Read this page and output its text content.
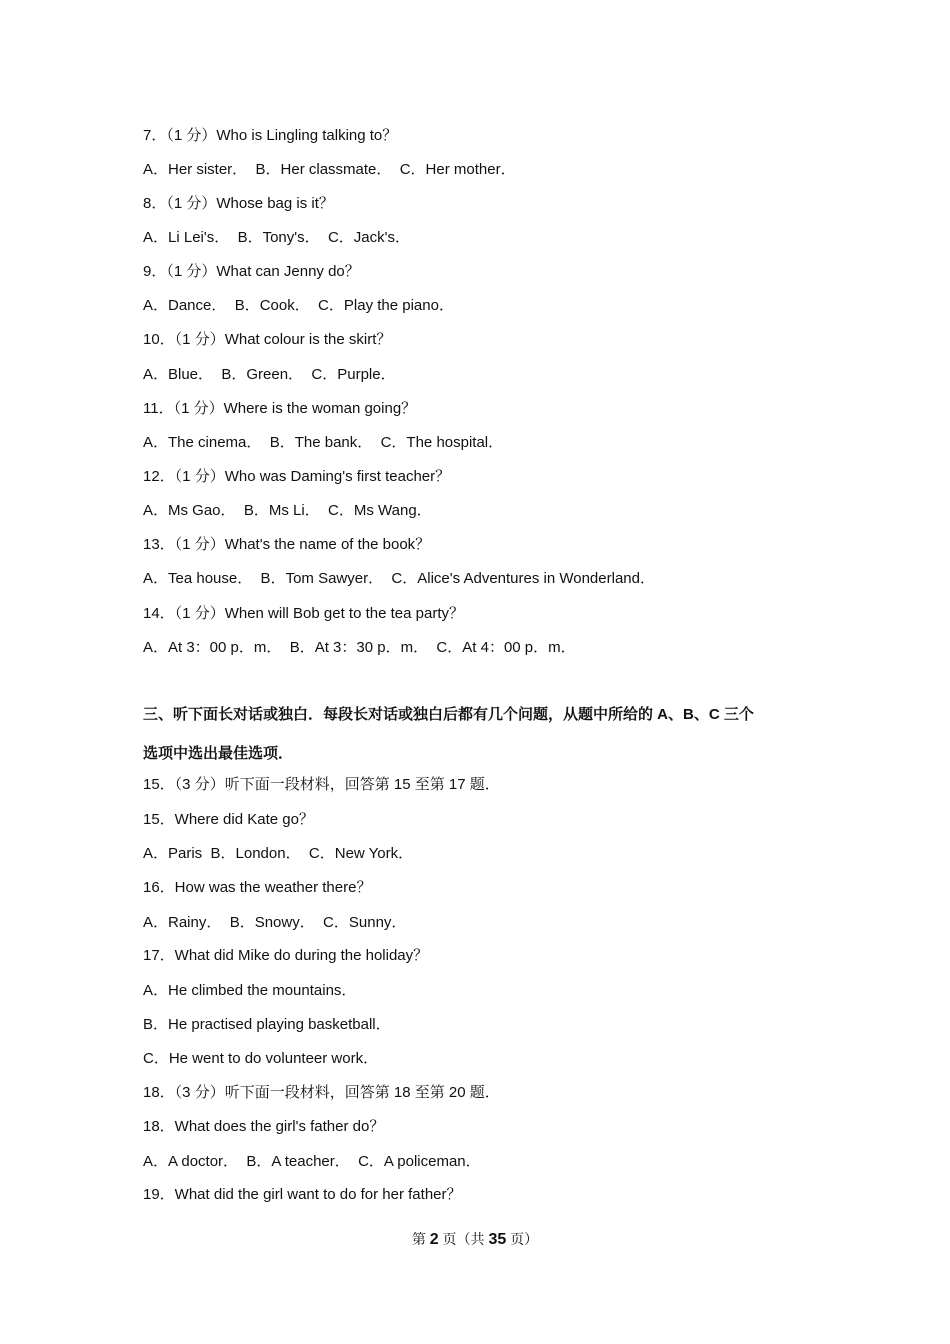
7．（1 分）Who is Lingling talking to？
A．Her sister．  B．Her classmate．  C．Her mother．
8．（1 分）Whose bag is it？
A．Li Lei's．  B．Tony's．  C．Jack's．
9．（1 分）What can Jenny do？
A．Dance．  B．Cook．  C．Play the piano．
10．（1 分）What colour is the skirt？
A．Blue．  B．Green．  C．Purple．
11．（1 分）Where is the woman going？
A．The cinema．  B．The bank．  C．The hospital．
12．（1 分）Who was Daming's first teacher？
A．Ms Gao．  B．Ms Li．  C．Ms Wang．
13．（1 分）What's the name of the book？
A．Tea house．  B．Tom Sawyer．  C．Alice's Adventures in Wonderland．
14．（1 分）When will Bob get to the tea party？
A．At 3：00 p．m．  B．At 3：30 p．m．  C．At 4：00 p．m．
三、听下面长对话或独白．每段长对话或独白后都有几个问题，从题中所给的 A、B、C 三个
选项中选出最佳选项．
15．（3 分）听下面一段材料，回答第 15 至第 17 题．
15．Where did Kate go？
A．Paris  B．London．  C．New York．
16．How was the weather there？
A．Rainy．  B．Snowy．  C．Sunny．
17．What did Mike do during the holiday？
A．He climbed the mountains．
B．He practised playing basketball．
C．He went to do volunteer work．
18．（3 分）听下面一段材料，回答第 18 至第 20 题．
18．What does the girl's father do？
A．A doctor．  B．A teacher．  C．A policeman．
19．What did the girl want to do for her father？
第 2 页（共 35 页）
